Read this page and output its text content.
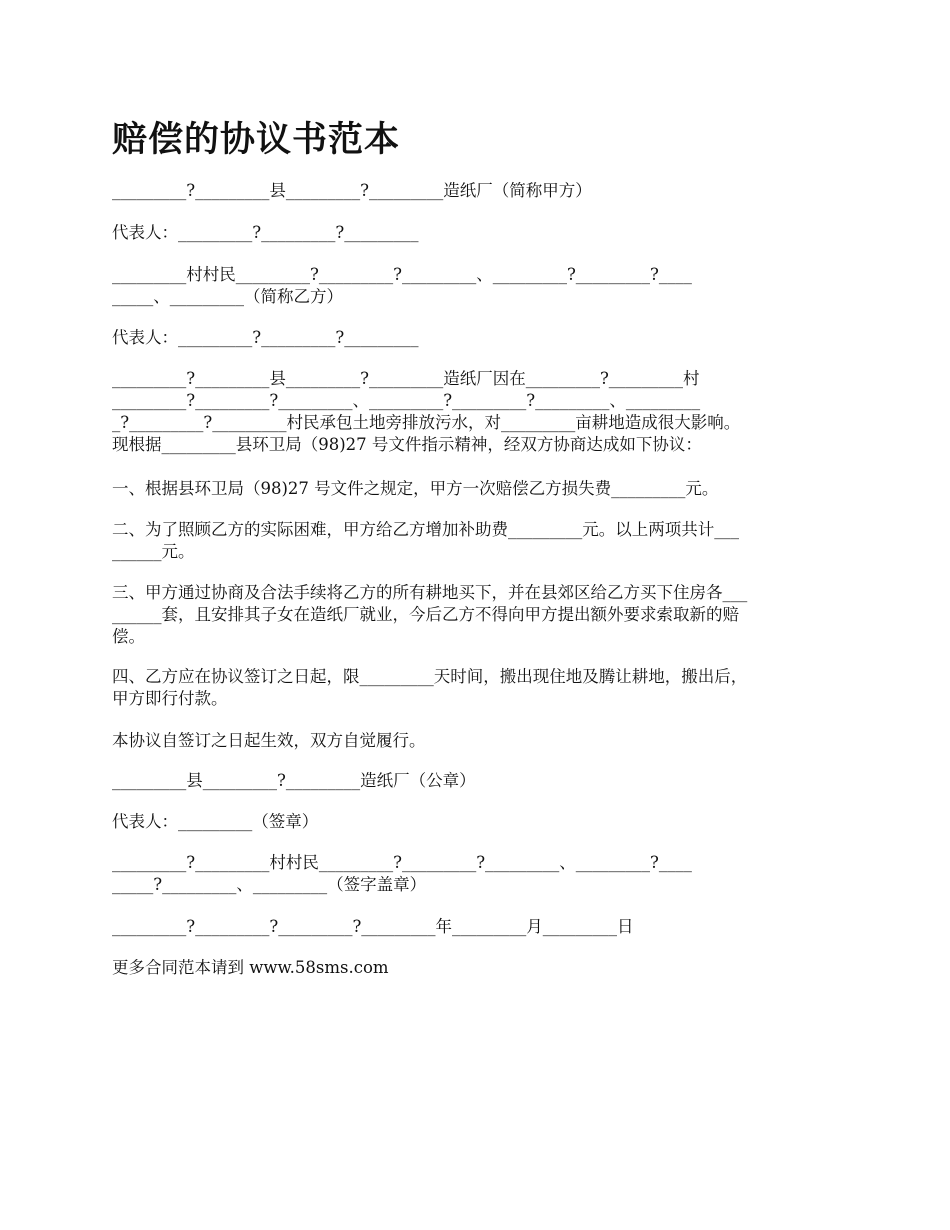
赔偿的协议书范本
_________?_________县_________?_________造纸厂（简称甲方）
代表人：_________?_________?_________
_________村村民_________?_________?_________、_________?_________?____
_____、_________（简称乙方）
代表人：_________?_________?_________
_________?_________县_________?_________造纸厂因在_________?_________村
_________?_________?_________、_________?_________?_________、_________
_?_________?_________村民承包土地旁排放污水，对_________亩耕地造成很大影响。
现根据_________县环卫局（98)27 号文件指示精神，经双方协商达成如下协议：
一、根据县环卫局（98)27 号文件之规定，甲方一次赔偿乙方损失费_________元。
二、为了照顾乙方的实际困难，甲方给乙方增加补助费_________元。以上两项共计___
______元。
三、甲方通过协商及合法手续将乙方的所有耕地买下，并在县郊区给乙方买下住房各___
______套，且安排其子女在造纸厂就业，今后乙方不得向甲方提出额外要求索取新的赔
偿。
四、乙方应在协议签订之日起，限_________天时间，搬出现住地及腾让耕地，搬出后，
甲方即行付款。
本协议自签订之日起生效，双方自觉履行。
_________县_________?_________造纸厂（公章）
代表人：_________（签章）
_________?_________村村民_________?_________?_________、_________?____
_____?_________、_________（签字盖章）
_________?_________?_________?_________年_________月_________日
更多合同范本请到 www.58sms.com
